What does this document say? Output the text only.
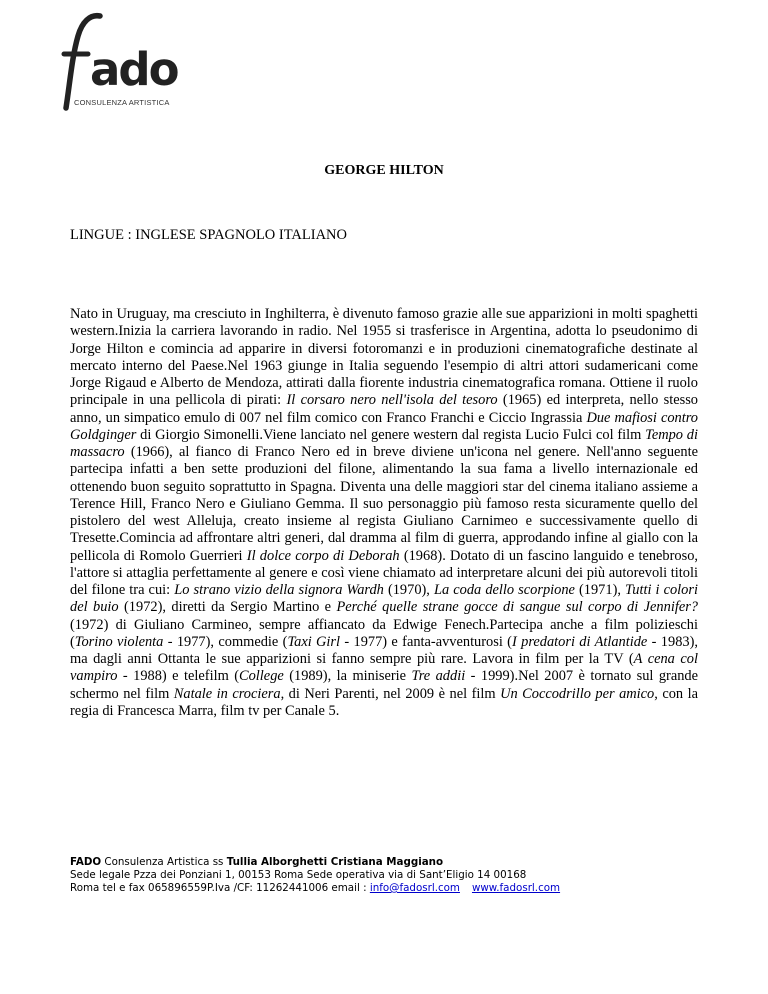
ado
CONSULENZA ARTISTICA
GEORGE HILTON
LINGUE : INGLESE SPAGNOLO ITALIANO

Nato in Uruguay, ma cresciuto in Inghilterra, è divenuto famoso grazie alle sue apparizioni in molti spaghetti western.Inizia la carriera lavorando in radio. Nel 1955 si trasferisce in Argentina, adotta lo pseudonimo di Jorge Hilton e comincia ad apparire in diversi fotoromanzi e in produzioni cinematografiche destinate al mercato interno del Paese.Nel 1963 giunge in Italia seguendo l'esempio di altri attori sudamericani come Jorge Rigaud e Alberto de Mendoza, attirati dalla fiorente industria cinematografica romana. Ottiene il ruolo principale in una pellicola di pirati: Il corsaro nero nell'isola del tesoro (1965) ed interpreta, nello stesso anno, un simpatico emulo di 007 nel film comico con Franco Franchi e Ciccio Ingrassia Due mafiosi contro Goldginger di Giorgio Simonelli.Viene lanciato nel genere western dal regista Lucio Fulci col film Tempo di massacro (1966), al fianco di Franco Nero ed in breve diviene un'icona nel genere. Nell'anno seguente partecipa infatti a ben sette produzioni del filone, alimentando la sua fama a livello internazionale ed ottenendo buon seguito soprattutto in Spagna. Diventa una delle maggiori star del cinema italiano assieme a Terence Hill, Franco Nero e Giuliano Gemma. Il suo personaggio più famoso resta sicuramente quello del pistolero del west Alleluja, creato insieme al regista Giuliano Carnimeo e successivamente quello di Tresette.Comincia ad affrontare altri generi, dal dramma al film di guerra, approdando infine al giallo con la pellicola di Romolo Guerrieri Il dolce corpo di Deborah (1968). Dotato di un fascino languido e tenebroso, l'attore si attaglia perfettamente al genere e così viene chiamato ad interpretare alcuni dei più autorevoli titoli del filone tra cui: Lo strano vizio della signora Wardh (1970), La coda dello scorpione (1971), Tutti i colori del buio (1972), diretti da Sergio Martino e Perché quelle strane gocce di sangue sul corpo di Jennifer? (1972) di Giuliano Carmineo, sempre affiancato da Edwige Fenech.Partecipa anche a film polizieschi (Torino violenta - 1977), commedie (Taxi Girl - 1977) e fanta-avventurosi (I predatori di Atlantide - 1983), ma dagli anni Ottanta le sue apparizioni si fanno sempre più rare. Lavora in film per la TV (A cena col vampiro - 1988) e telefilm (College (1989), la miniserie Tre addii - 1999).Nel 2007 è tornato sul grande schermo nel film Natale in crociera, di Neri Parenti, nel 2009 è nel film Un Coccodrillo per amico, con la regia di Francesca Marra, film tv per Canale 5.

FADO Consulenza Artistica ss Tullia Alborghetti Cristiana Maggiano
Sede legale Pzza dei Ponziani 1, 00153 Roma Sede operativa via di Sant’Eligio 14 00168
Roma tel e fax 065896559P.Iva /CF: 11262441006 email : info@fadosrl.com www.fadosrl.com
